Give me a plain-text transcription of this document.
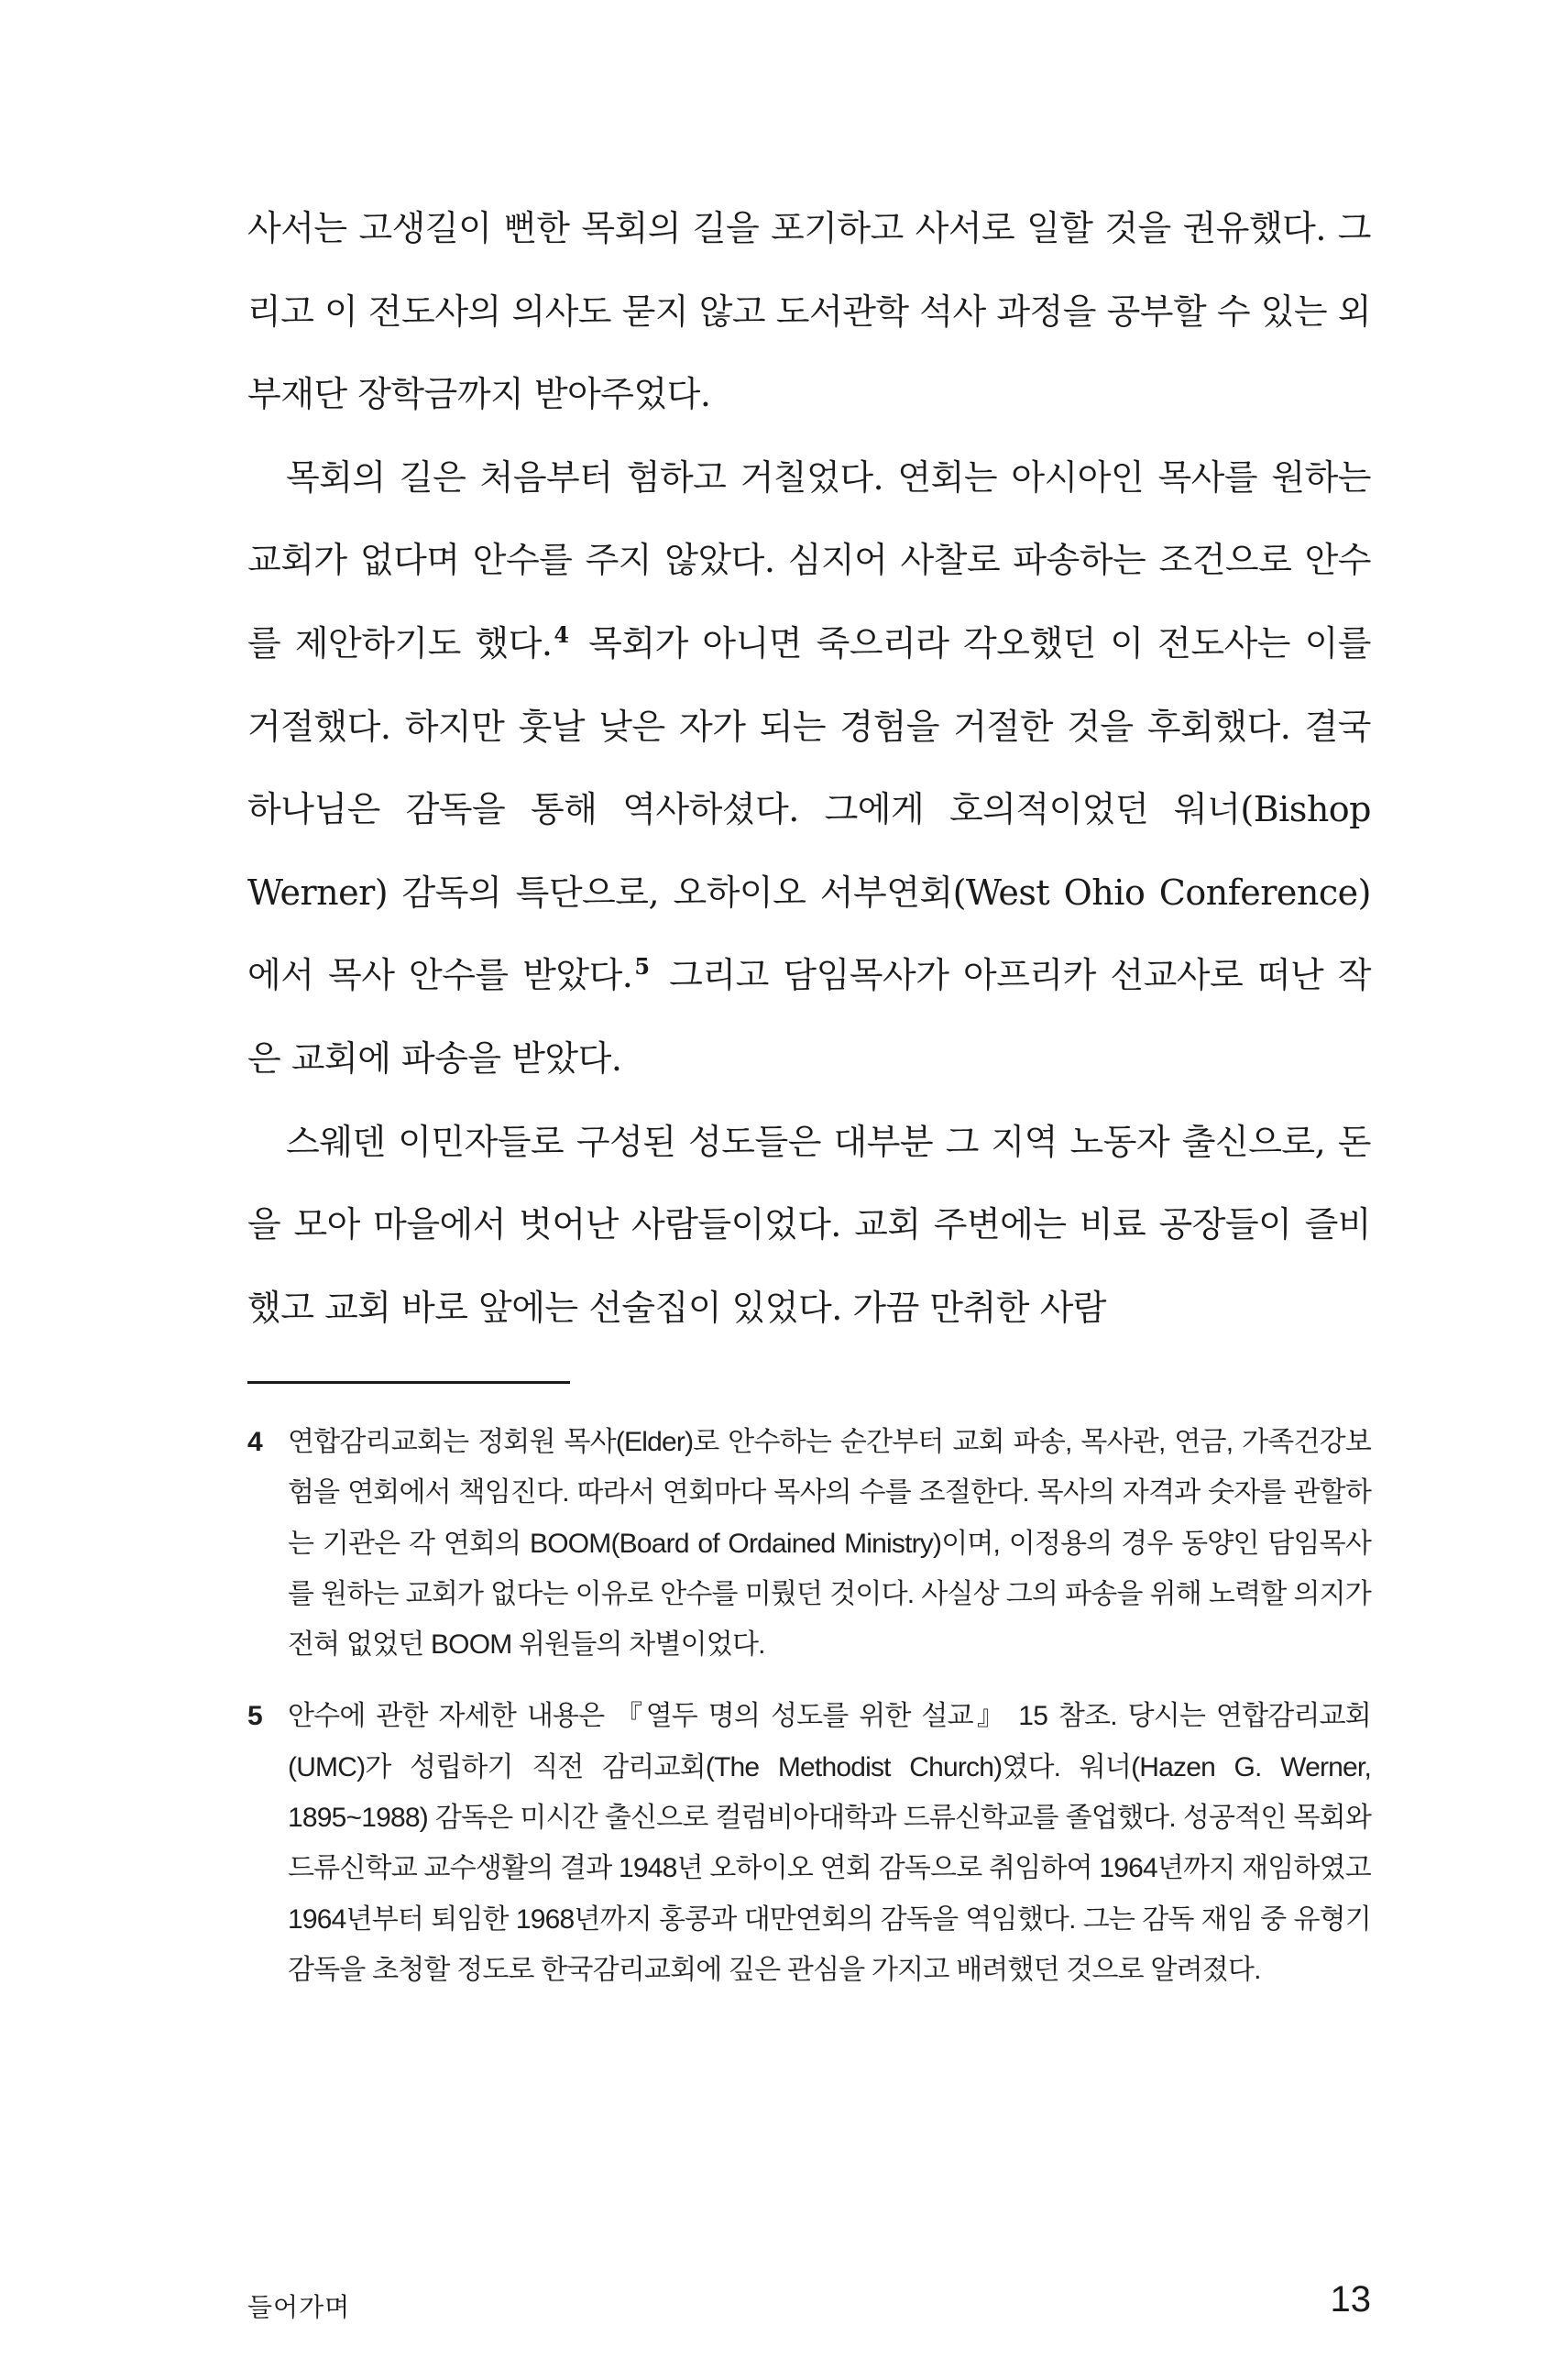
사서는 고생길이 뻔한 목회의 길을 포기하고 사서로 일할 것을 권유했다. 그리고 이 전도사의 의사도 묻지 않고 도서관학 석사 과정을 공부할 수 있는 외부재단 장학금까지 받아주었다.

목회의 길은 처음부터 험하고 거칠었다. 연회는 아시아인 목사를 원하는 교회가 없다며 안수를 주지 않았다. 심지어 사찰로 파송하는 조건으로 안수를 제안하기도 했다.$^4$ 목회가 아니면 죽으리라 각오했던 이 전도사는 이를 거절했다. 하지만 훗날 낮은 자가 되는 경험을 거절한 것을 후회했다. 결국 하나님은 감독을 통해 역사하셨다. 그에게 호의적이었던 워너(Bishop Werner) 감독의 특단으로, 오하이오 서부연회(West Ohio Conference)에서 목사 안수를 받았다.$^5$ 그리고 담임목사가 아프리카 선교사로 떠난 작은 교회에 파송을 받았다.

스웨덴 이민자들로 구성된 성도들은 대부분 그 지역 노동자 출신으로, 돈을 모아 마을에서 벗어난 사람들이었다. 교회 주변에는 비료 공장들이 즐비했고 교회 바로 앞에는 선술집이 있었다. 가끔 만취한 사람

4 연합감리교회는 정회원 목사(Elder)로 안수하는 순간부터 교회 파송, 목사관, 연금, 가족건강보험을 연회에서 책임진다. 따라서 연회마다 목사의 수를 조절한다. 목사의 자격과 숫자를 관할하는 기관은 각 연회의 BOOM(Board of Ordained Ministry)이며, 이정용의 경우 동양인 담임목사를 원하는 교회가 없다는 이유로 안수를 미뤘던 것이다. 사실상 그의 파송을 위해 노력할 의지가 전혀 없었던 BOOM 위원들의 차별이었다.
5 안수에 관한 자세한 내용은 『열두 명의 성도를 위한 설교』 15 참조. 당시는 연합감리교회(UMC)가 성립하기 직전 감리교회(The Methodist Church)였다. 워너(Hazen G. Werner, 1895~1988) 감독은 미시간 출신으로 컬럼비아대학과 드류신학교를 졸업했다. 성공적인 목회와 드류신학교 교수생활의 결과 1948년 오하이오 연회 감독으로 취임하여 1964년까지 재임하였고 1964년부터 퇴임한 1968년까지 홍콩과 대만연회의 감독을 역임했다. 그는 감독 재임 중 유형기 감독을 초청할 정도로 한국감리교회에 깊은 관심을 가지고 배려했던 것으로 알려졌다.
들어가며	13
